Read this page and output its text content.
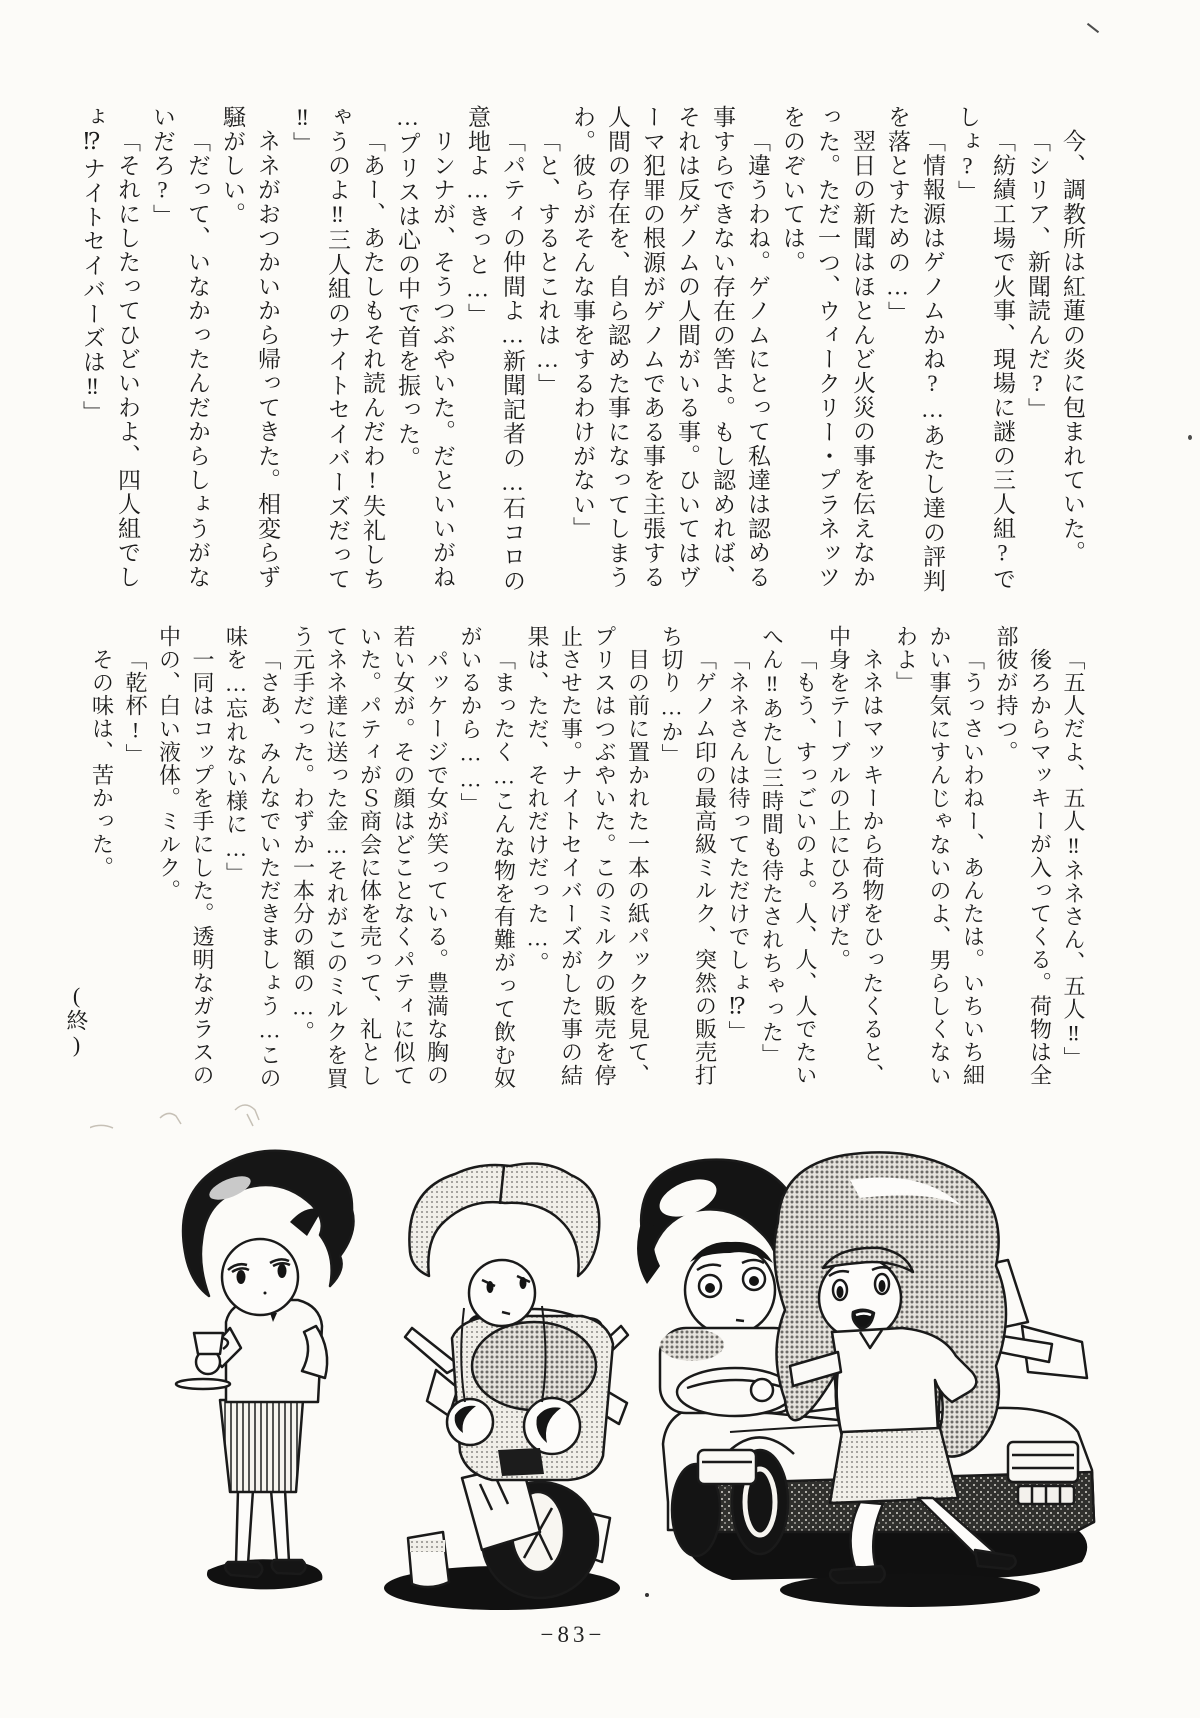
今、調教所は紅蓮の炎に包まれていた。
「シリア、新聞読んだ?」
「紡績工場で火事、現場に謎の三人組?で
しょ?」
「情報源はゲノムかね?…あたし達の評判
を落とすための…」
翌日の新聞はほとんど火災の事を伝えなか
った。ただ一つ、ウィークリー・プラネッツ
をのぞいては。
「違うわね。ゲノムにとって私達は認める
事すらできない存在の筈よ。もし認めれば、
それは反ゲノムの人間がいる事。ひいてはヴ
ーマ犯罪の根源がゲノムである事を主張する
人間の存在を、自ら認めた事になってしまう
わ。彼らがそんな事をするわけがない」
「と、するとこれは…」
「パティの仲間よ…新聞記者の…石コロの
意地よ…きっと…」
リンナが、そうつぶやいた。だといいがね
…プリスは心の中で首を振った。
「あー、あたしもそれ読んだわ!失礼しち
ゃうのよ‼三人組のナイトセイバーズだって
‼」
ネネがおつかいから帰ってきた。相変らず
騒がしい。
「だって、いなかったんだからしょうがな
いだろ?」
「それにしたってひどいわよ、四人組でし
ょ⁉ナイトセイバーズは‼」
「五人だよ、五人‼ネネさん、五人‼」
後ろからマッキーが入ってくる。荷物は全
部彼が持つ。
「うっさいわねー、あんたは。いちいち細
かい事気にすんじゃないのよ、男らしくない
わよ」
ネネはマッキーから荷物をひったくると、
中身をテーブルの上にひろげた。
「もう、すっごいのよ。人、人、人でたい
へん‼あたし三時間も待たされちゃった」
「ネネさんは待ってただけでしょ⁉」
「ゲノム印の最高級ミルク、突然の販売打
ち切り…か」
目の前に置かれた一本の紙パックを見て、
プリスはつぶやいた。このミルクの販売を停
止させた事。ナイトセイバーズがした事の結
果は、ただ、それだけだった…。
「まったく…こんな物を有難がって飲む奴
がいるから……」
パッケージで女が笑っている。豊満な胸の
若い女が。その顔はどことなくパティに似て
いた。パティがＳ商会に体を売って、礼とし
てネネ達に送った金…それがこのミルクを買
う元手だった。わずか一本分の額の…。
「さあ、みんなでいただきましょう…この
味を…忘れない様に…」
一同はコップを手にした。透明なガラスの
中の、白い液体。ミルク。
「乾杯!」
その味は、苦かった。
(終)
−83−
